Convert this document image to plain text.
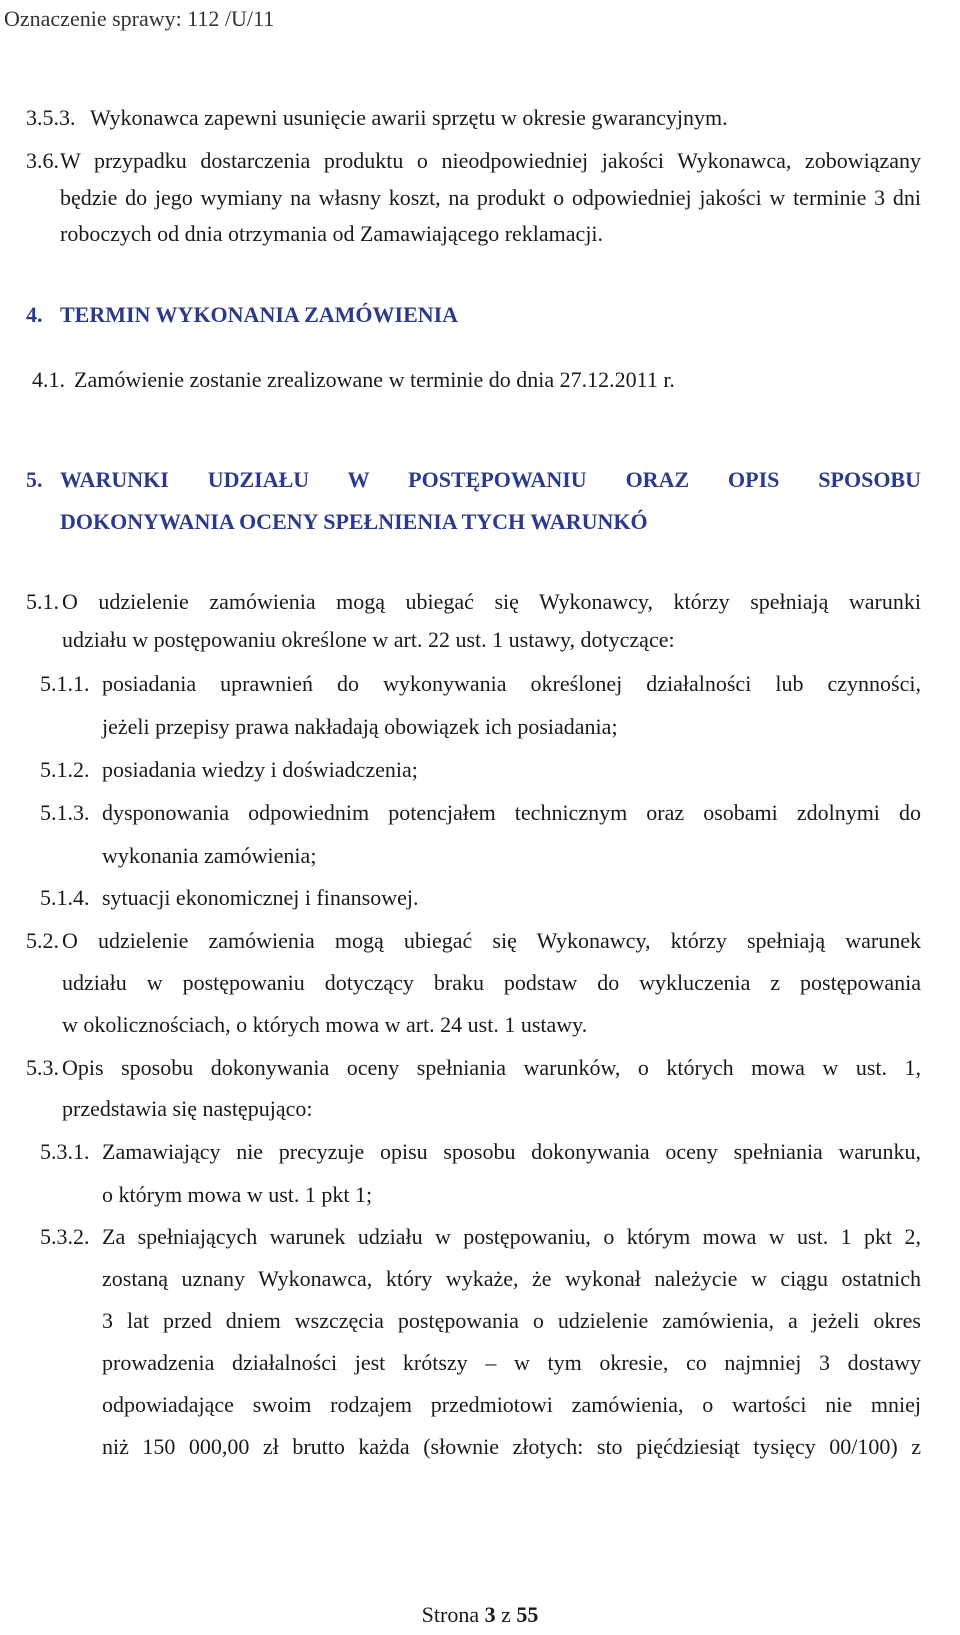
Oznaczenie sprawy: 112 /U/11
3.5.3. Wykonawca zapewni usunięcie awarii sprzętu w okresie gwarancyjnym.
3.6. W przypadku dostarczenia produktu o nieodpowiedniej jakości Wykonawca, zobowiązany
będzie do jego wymiany na własny koszt, na produkt o odpowiedniej jakości w terminie 3 dni
roboczych od dnia otrzymania od Zamawiającego reklamacji.
4. TERMIN WYKONANIA ZAMÓWIENIA
4.1. Zamówienie zostanie zrealizowane w terminie do dnia 27.12.2011 r.
5. WARUNKI UDZIAŁU W POSTĘPOWANIU ORAZ OPIS SPOSOBU
DOKONYWANIA OCENY SPEŁNIENIA TYCH WARUNKÓ
5.1. O udzielenie zamówienia mogą ubiegać się Wykonawcy, którzy spełniają warunki
udziału w postępowaniu określone w art. 22 ust. 1 ustawy, dotyczące:
5.1.1. posiadania uprawnień do wykonywania określonej działalności lub czynności,
jeżeli przepisy prawa nakładają obowiązek ich posiadania;
5.1.2. posiadania wiedzy i doświadczenia;
5.1.3. dysponowania odpowiednim potencjałem technicznym oraz osobami zdolnymi do
wykonania zamówienia;
5.1.4. sytuacji ekonomicznej i finansowej.
5.2. O udzielenie zamówienia mogą ubiegać się Wykonawcy, którzy spełniają warunek
udziału w postępowaniu dotyczący braku podstaw do wykluczenia z postępowania
w okolicznościach, o których mowa w art. 24 ust. 1 ustawy.
5.3. Opis sposobu dokonywania oceny spełniania warunków, o których mowa w ust. 1,
przedstawia się następująco:
5.3.1. Zamawiający nie precyzuje opisu sposobu dokonywania oceny spełniania warunku,
o którym mowa w ust. 1 pkt 1;
5.3.2. Za spełniających warunek udziału w postępowaniu, o którym mowa w ust. 1 pkt 2,
zostaną uznany Wykonawca, który wykaże, że wykonał należycie w ciągu ostatnich
3 lat przed dniem wszczęcia postępowania o udzielenie zamówienia, a jeżeli okres
prowadzenia działalności jest krótszy – w tym okresie, co najmniej 3 dostawy
odpowiadające swoim rodzajem przedmiotowi zamówienia, o wartości nie mniej
niż 150 000,00 zł brutto każda (słownie złotych: sto pięćdziesiąt tysięcy 00/100) z
Strona 3 z 55
